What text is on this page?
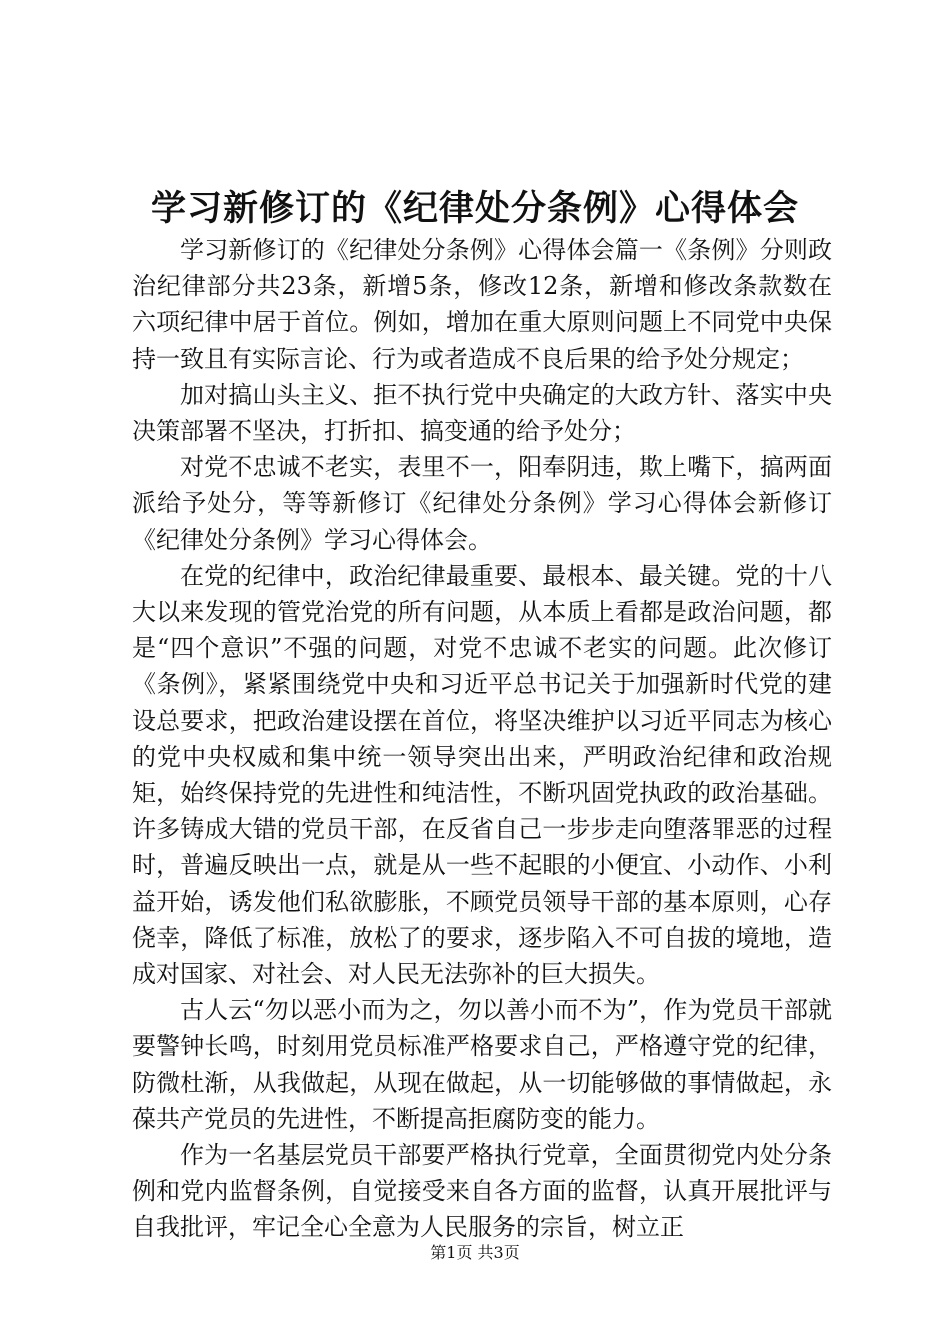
学习新修订的《纪律处分条例》心得体会

学习新修订的《纪律处分条例》心得体会篇一《条例》分则政治纪律部分共23条，新增5条，修改12条，新增和修改条款数在六项纪律中居于首位。例如，增加在重大原则问题上不同党中央保持一致且有实际言论、行为或者造成不良后果的给予处分规定；

加对搞山头主义、拒不执行党中央确定的大政方针、落实中央决策部署不坚决，打折扣、搞变通的给予处分；

对党不忠诚不老实，表里不一，阳奉阴违，欺上嘴下，搞两面派给予处分，等等新修订《纪律处分条例》学习心得体会新修订《纪律处分条例》学习心得体会。

在党的纪律中，政治纪律最重要、最根本、最关键。党的十八大以来发现的管党治党的所有问题，从本质上看都是政治问题，都是“四个意识”不强的问题，对党不忠诚不老实的问题。此次修订《条例》，紧紧围绕党中央和习近平总书记关于加强新时代党的建设总要求，把政治建设摆在首位，将坚决维护以习近平同志为核心的党中央权威和集中统一领导突出出来，严明政治纪律和政治规矩，始终保持党的先进性和纯洁性，不断巩固党执政的政治基础。许多铸成大错的党员干部，在反省自己一步步走向堕落罪恶的过程时，普遍反映出一点，就是从一些不起眼的小便宜、小动作、小利益开始，诱发他们私欲膨胀，不顾党员领导干部的基本原则，心存侥幸，降低了标准，放松了的要求，逐步陷入不可自拔的境地，造成对国家、对社会、对人民无法弥补的巨大损失。

古人云“勿以恶小而为之，勿以善小而不为”，作为党员干部就要警钟长鸣，时刻用党员标准严格要求自己，严格遵守党的纪律，防微杜渐，从我做起，从现在做起，从一切能够做的事情做起，永葆共产党员的先进性，不断提高拒腐防变的能力。

作为一名基层党员干部要严格执行党章，全面贯彻党内处分条例和党内监督条例，自觉接受来自各方面的监督，认真开展批评与自我批评，牢记全心全意为人民服务的宗旨，树立正

第1页 共3页
